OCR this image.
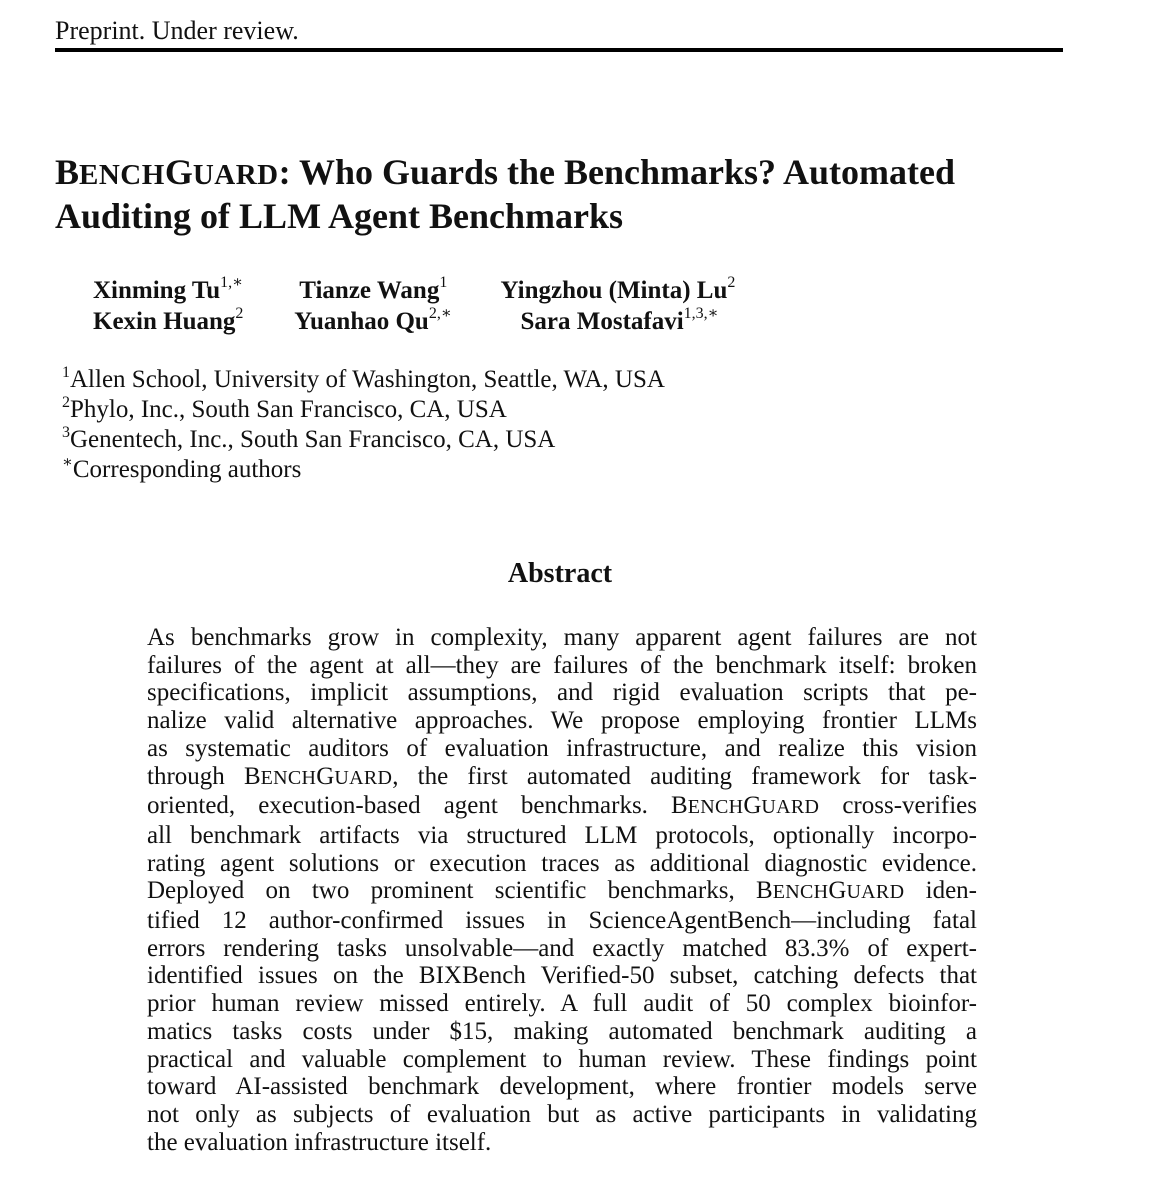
Preprint. Under review.
BENCHGUARD: Who Guards the Benchmarks? Automated
Auditing of LLM Agent Benchmarks
Xinming $Tu^{1,∗}$ Tianze Wang$^1$ Yingzhou (Minta) Lu$^2$
Kexin Huang$^2$ Yuanhao $Qu^{2,∗}$	Sara Mostafavi$^{1,3,∗}$
$^1$Allen School, University of Washington, Seattle, WA, USA
$^2$Phylo, Inc., South San Francisco, CA, USA
$^3$Genentech, Inc., South San Francisco, CA, USA
∗Corresponding authors
Abstract
As benchmarks grow in complexity, many apparent agent failures are not
failures of the agent at all—they are failures of the benchmark itself: broken
specifications, implicit assumptions, and rigid evaluation scripts that pe-
nalize valid alternative approaches. We propose employing frontier LLMs
as systematic auditors of evaluation infrastructure, and realize this vision
through BENCHGUARD, the first automated auditing framework for task-
oriented, execution-based agent benchmarks. BENCHGUARD cross-verifies
all benchmark artifacts via structured LLM protocols, optionally incorpo-
rating agent solutions or execution traces as additional diagnostic evidence.
Deployed on two prominent scientific benchmarks, BENCHGUARD iden-
tified 12 author-confirmed issues in ScienceAgentBench—including fatal
errors rendering tasks unsolvable—and exactly matched 83.3% of expert-
identified issues on the BIXBench Verified-50 subset, catching defects that
prior human review missed entirely. A full audit of 50 complex bioinfor-
matics tasks costs under $15, making automated benchmark auditing a
practical and valuable complement to human review. These findings point
toward AI-assisted benchmark development, where frontier models serve
not only as subjects of evaluation but as active participants in validating
the evaluation infrastructure itself.
